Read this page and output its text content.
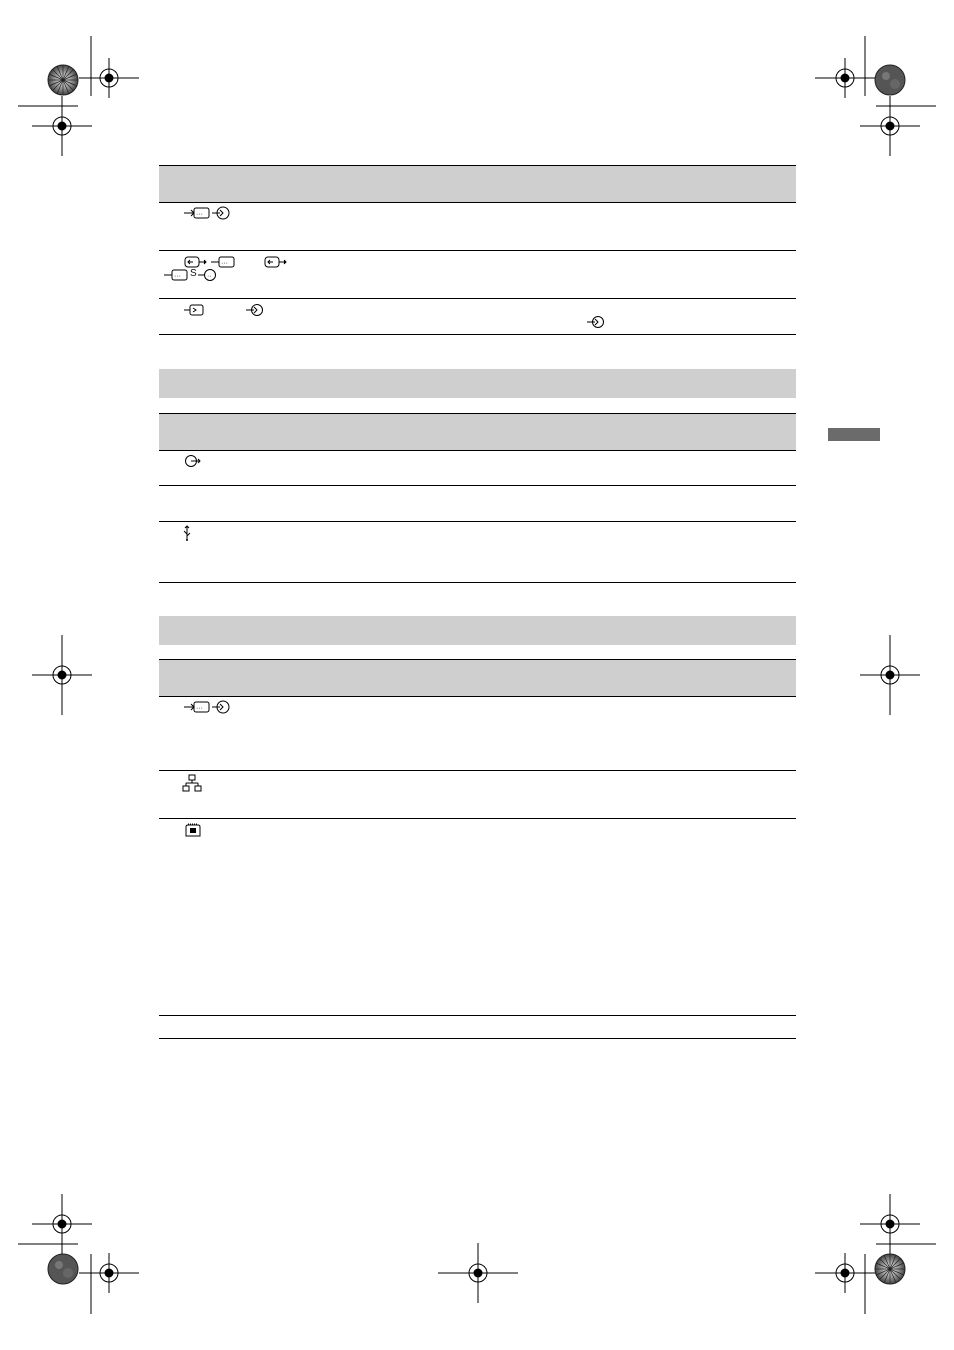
···
···
··· S ··
···
